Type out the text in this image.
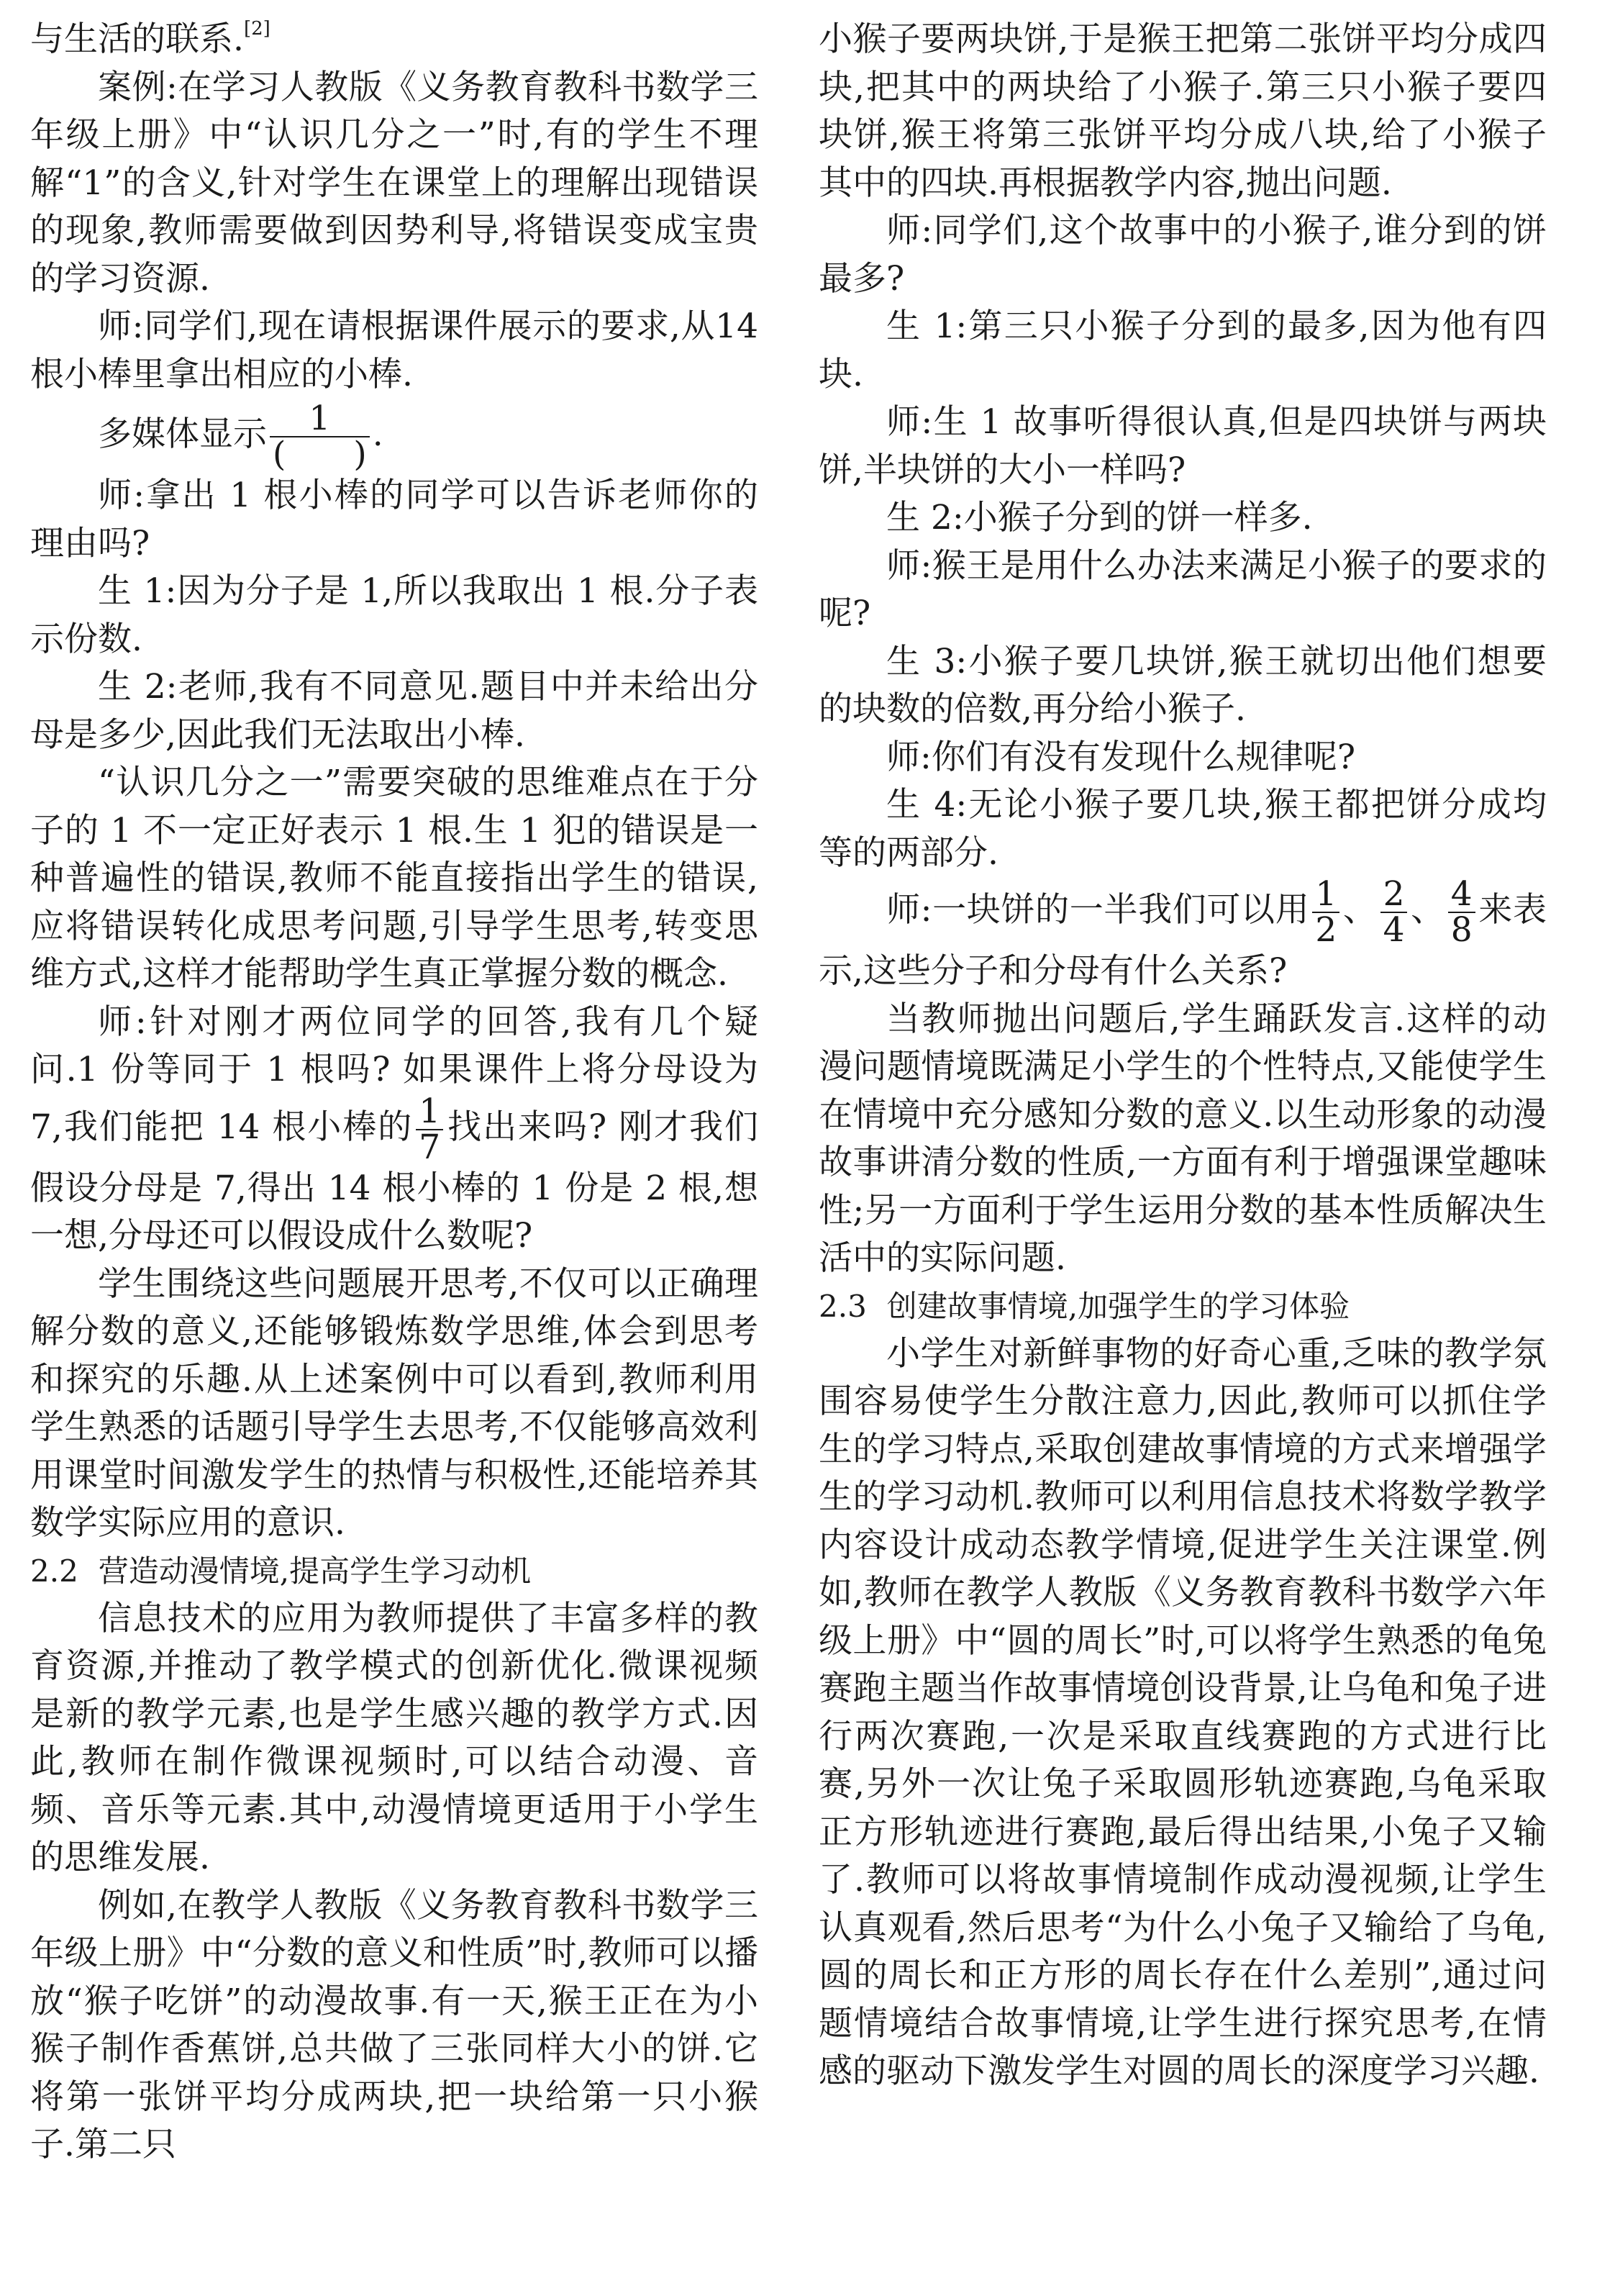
与生活的联系.[2]

案例:在学习人教版《义务教育教科书数学三年级上册》中“认识几分之一”时,有的学生不理解“1”的含义,针对学生在课堂上的理解出现错误的现象,教师需要做到因势利导,将错误变成宝贵的学习资源.

师:同学们,现在请根据课件展示的要求,从14 根小棒里拿出相应的小棒.

多媒体显示 $\frac{1}{( )}$ .

师:拿出 1 根小棒的同学可以告诉老师你的理由吗?

生 1:因为分子是 1,所以我取出 1 根.分子表示份数.

生 2:老师,我有不同意见.题目中并未给出分母是多少,因此我们无法取出小棒.

“认识几分之一”需要突破的思维难点在于分子的 1 不一定正好表示 1 根.生 1 犯的错误是一种普遍性的错误,教师不能直接指出学生的错误,应将错误转化成思考问题,引导学生思考,转变思维方式,这样才能帮助学生真正掌握分数的概念.

师:针对刚才两位同学的回答,我有几个疑问.1 份等同于 1 根吗? 如果课件上将分母设为 7,我们能把 14 根小棒的 $\frac{1}{7}$ 找出来吗? 刚才我们假设分母是 7,得出 14 根小棒的 1 份是 2 根,想一想,分母还可以假设成什么数呢?

学生围绕这些问题展开思考,不仅可以正确理解分数的意义,还能够锻炼数学思维,体会到思考和探究的乐趣.从上述案例中可以看到,教师利用学生熟悉的话题引导学生去思考,不仅能够高效利用课堂时间激发学生的热情与积极性,还能培养其数学实际应用的意识.

2.2 营造动漫情境,提高学生学习动机

信息技术的应用为教师提供了丰富多样的教育资源,并推动了教学模式的创新优化.微课视频是新的教学元素,也是学生感兴趣的教学方式.因此,教师在制作微课视频时,可以结合动漫、音频、音乐等元素.其中,动漫情境更适用于小学生的思维发展.

例如,在教学人教版《义务教育教科书数学三年级上册》中“分数的意义和性质”时,教师可以播放“猴子吃饼”的动漫故事.有一天,猴王正在为小猴子制作香蕉饼,总共做了三张同样大小的饼.它将第一张饼平均分成两块,把一块给第一只小猴子.第二只

小猴子要两块饼,于是猴王把第二张饼平均分成四块,把其中的两块给了小猴子.第三只小猴子要四块饼,猴王将第三张饼平均分成八块,给了小猴子其中的四块.再根据教学内容,抛出问题.

师:同学们,这个故事中的小猴子,谁分到的饼最多?

生 1:第三只小猴子分到的最多,因为他有四块.

师:生 1 故事听得很认真,但是四块饼与两块饼,半块饼的大小一样吗?

生 2:小猴子分到的饼一样多.

师:猴王是用什么办法来满足小猴子的要求的呢?

生 3:小猴子要几块饼,猴王就切出他们想要的块数的倍数,再分给小猴子.

师:你们有没有发现什么规律呢?

生 4:无论小猴子要几块,猴王都把饼分成均等的两部分.

师:一块饼的一半我们可以用 $\frac{1}{2}$ 、 $\frac{2}{4}$ 、 $\frac{4}{8}$ 来表示,这些分子和分母有什么关系?

当教师抛出问题后,学生踊跃发言.这样的动漫问题情境既满足小学生的个性特点,又能使学生在情境中充分感知分数的意义.以生动形象的动漫故事讲清分数的性质,一方面有利于增强课堂趣味性;另一方面利于学生运用分数的基本性质解决生活中的实际问题.

2.3 创建故事情境,加强学生的学习体验

小学生对新鲜事物的好奇心重,乏味的教学氛围容易使学生分散注意力,因此,教师可以抓住学生的学习特点,采取创建故事情境的方式来增强学生的学习动机.教师可以利用信息技术将数学教学内容设计成动态教学情境,促进学生关注课堂.例如,教师在教学人教版《义务教育教科书数学六年级上册》中“圆的周长”时,可以将学生熟悉的龟兔赛跑主题当作故事情境创设背景,让乌龟和兔子进行两次赛跑,一次是采取直线赛跑的方式进行比赛,另外一次让兔子采取圆形轨迹赛跑,乌龟采取正方形轨迹进行赛跑,最后得出结果,小兔子又输了.教师可以将故事情境制作成动漫视频,让学生认真观看,然后思考“为什么小兔子又输给了乌龟,圆的周长和正方形的周长存在什么差别”,通过问题情境结合故事情境,让学生进行探究思考,在情感的驱动下激发学生对圆的周长的深度学习兴趣.
